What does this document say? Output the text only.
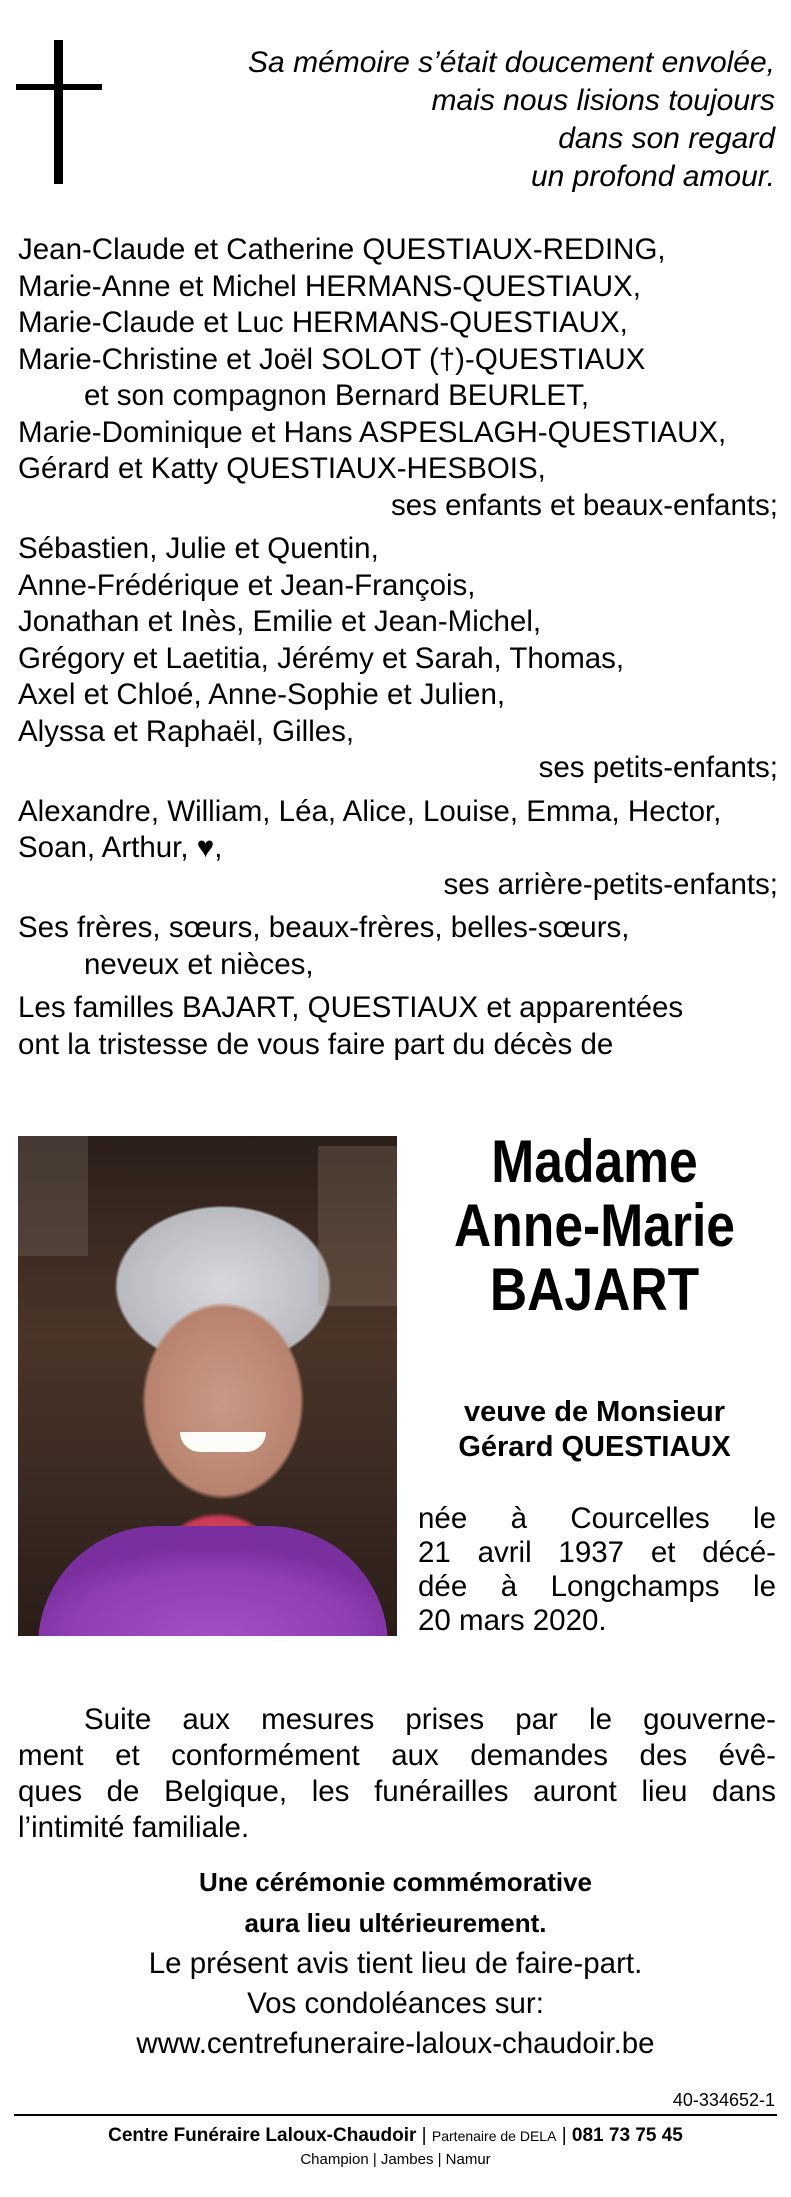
Sa mémoire s’était doucement envolée,
mais nous lisions toujours
dans son regard
un profond amour.
Jean-Claude et Catherine QUESTIAUX-REDING,
Marie-Anne et Michel HERMANS-QUESTIAUX,
Marie-Claude et Luc HERMANS-QUESTIAUX,
Marie-Christine et Joël SOLOT (†)-QUESTIAUX
et son compagnon Bernard BEURLET,
Marie-Dominique et Hans ASPESLAGH-QUESTIAUX,
Gérard et Katty QUESTIAUX-HESBOIS,
ses enfants et beaux-enfants;
Sébastien, Julie et Quentin,
Anne-Frédérique et Jean-François,
Jonathan et Inès, Emilie et Jean-Michel,
Grégory et Laetitia, Jérémy et Sarah, Thomas,
Axel et Chloé, Anne-Sophie et Julien,
Alyssa et Raphaël, Gilles,
ses petits-enfants;
Alexandre, William, Léa, Alice, Louise, Emma, Hector,
Soan, Arthur, ♥,
ses arrière-petits-enfants;
Ses frères, sœurs, beaux-frères, belles-sœurs,
neveux et nièces,
Les familles BAJART, QUESTIAUX et apparentées
ont la tristesse de vous faire part du décès de
Madame
Anne-Marie
BAJART
veuve de Monsieur
Gérard QUESTIAUX
née à Courcelles le
21 avril 1937 et décé-
dée à Longchamps le
20 mars 2020.
Suite aux mesures prises par le gouverne-
ment et conformément aux demandes des évê-
ques de Belgique, les funérailles auront lieu dans
l’intimité familiale.
Une cérémonie commémorative
aura lieu ultérieurement.
Le présent avis tient lieu de faire-part.
Vos condoléances sur:
www.centrefuneraire-laloux-chaudoir.be
40-334652-1
Centre Funéraire Laloux-Chaudoir | Partenaire de DELA | 081 73 75 45
Champion | Jambes | Namur
